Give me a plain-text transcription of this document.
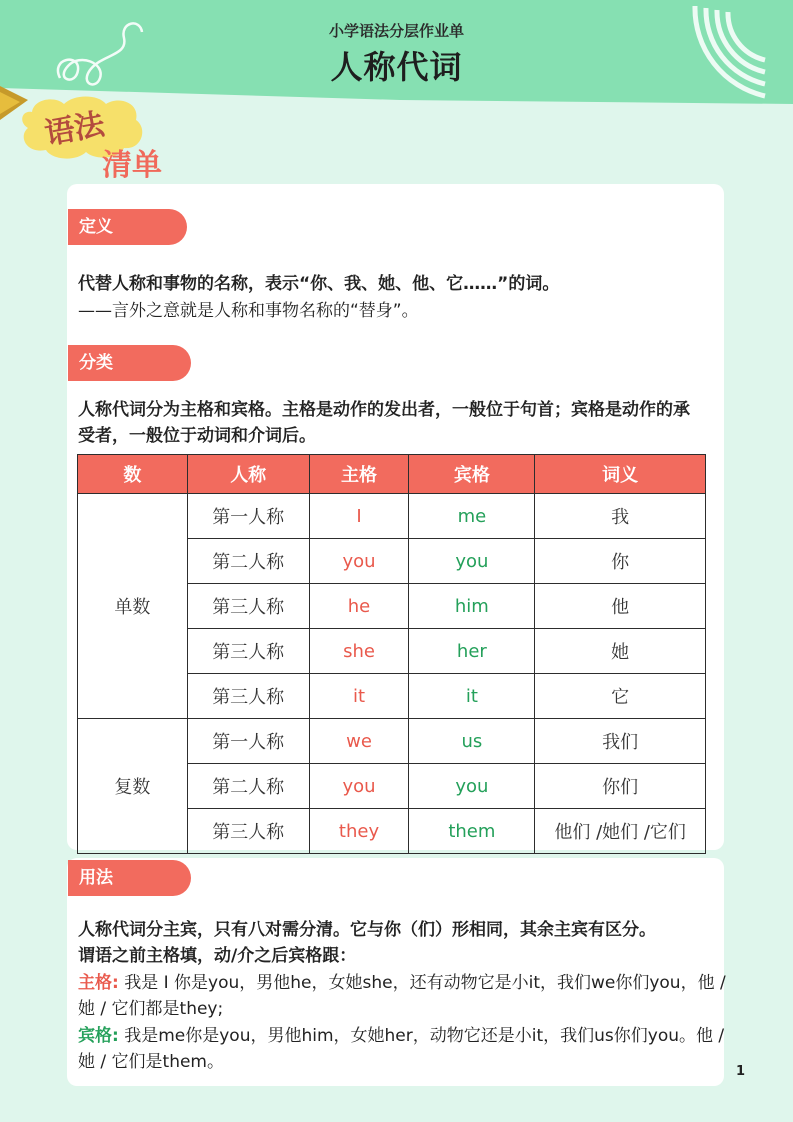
语法
清单
小学语法分层作业单
人称代词
定义
代替人称和事物的名称，表示“你、我、她、他、它……”的词。
——言外之意就是人称和事物名称的“替身”。
分类
人称代词分为主格和宾格。主格是动作的发出者，一般位于句首；宾格是动作的承受者，一般位于动词和介词后。
数	人称	主格	宾格	词义
单数	第一人称	I	me	我
	第二人称	you	you	你
	第三人称	he	him	他
	第三人称	she	her	她
	第三人称	it	it	它
复数	第一人称	we	us	我们
	第二人称	you	you	你们
	第三人称	they	them	他们 /她们 /它们
用法
人称代词分主宾，只有八对需分清。它与你（们）形相同，其余主宾有区分。
谓语之前主格填，动/介之后宾格跟：
主格: 我是 I 你是you，男他he，女她she，还有动物它是小it，我们we你们you，他 / 她 / 它们都是they;
宾格: 我是me你是you，男他him，女她her，动物它还是小it，我们us你们you。他 / 她 / 它们是them。	1
